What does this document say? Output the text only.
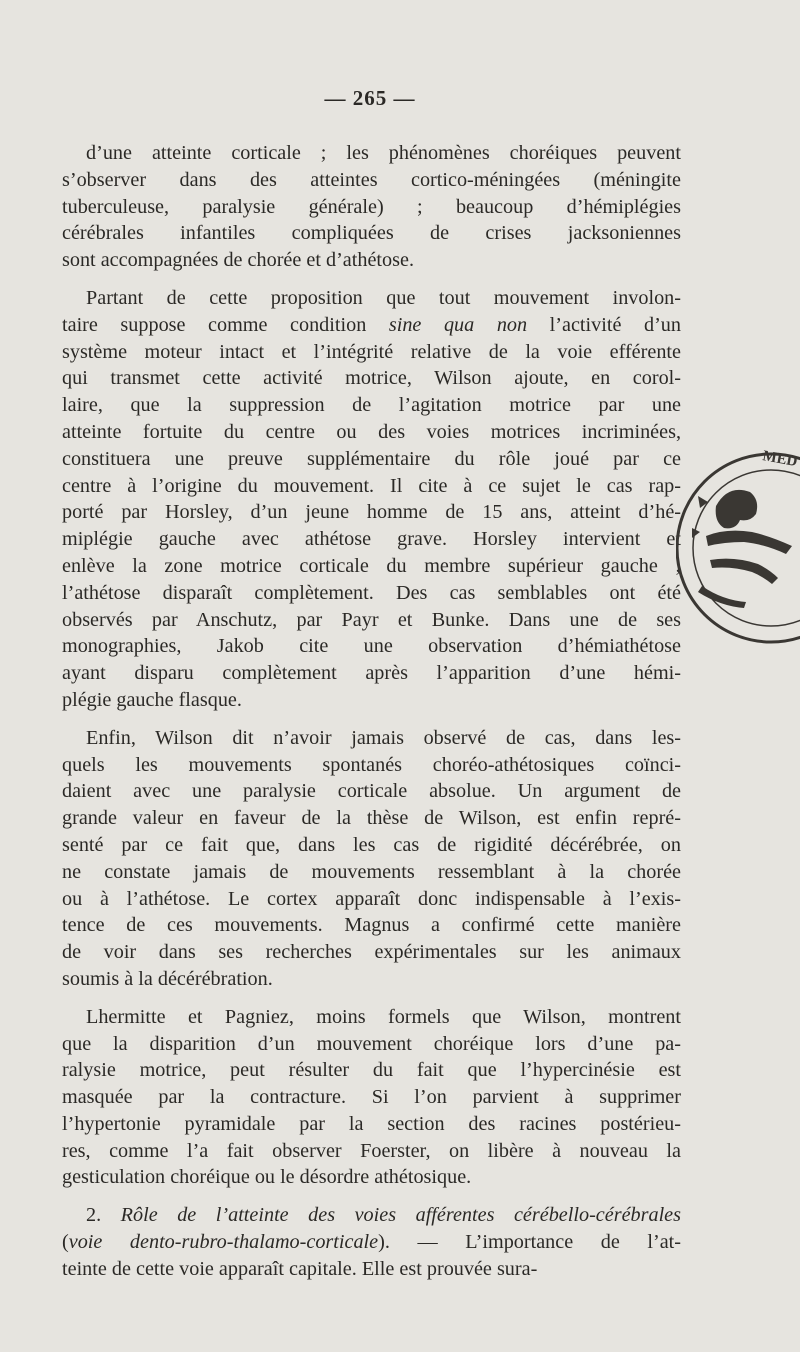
— 265 —
d’une atteinte corticale ; les phénomènes choréiques peuvent
s’observer dans des atteintes cortico-méningées (méningite
tuberculeuse, paralysie générale) ; beaucoup d’hémiplégies
cérébrales infantiles compliquées de crises jacksoniennes
sont accompagnées de chorée et d’athétose.
Partant de cette proposition que tout mouvement involon-
taire suppose comme condition sine qua non l’activité d’un
système moteur intact et l’intégrité relative de la voie efférente
qui transmet cette activité motrice, Wilson ajoute, en corol-
laire, que la suppression de l’agitation motrice par une
atteinte fortuite du centre ou des voies motrices incriminées,
constituera une preuve supplémentaire du rôle joué par ce
centre à l’origine du mouvement. Il cite à ce sujet le cas rap-
porté par Horsley, d’un jeune homme de 15 ans, atteint d’hé-
miplégie gauche avec athétose grave. Horsley intervient et
enlève la zone motrice corticale du membre supérieur gauche ;
l’athétose disparaît complètement. Des cas semblables ont été
observés par Anschutz, par Payr et Bunke. Dans une de ses
monographies, Jakob cite une observation d’hémiathétose
ayant disparu complètement après l’apparition d’une hémi-
plégie gauche flasque.
Enfin, Wilson dit n’avoir jamais observé de cas, dans les-
quels les mouvements spontanés choréo-athétosiques coïnci-
daient avec une paralysie corticale absolue. Un argument de
grande valeur en faveur de la thèse de Wilson, est enfin repré-
senté par ce fait que, dans les cas de rigidité décérébrée, on
ne constate jamais de mouvements ressemblant à la chorée
ou à l’athétose. Le cortex apparaît donc indispensable à l’exis-
tence de ces mouvements. Magnus a confirmé cette manière
de voir dans ses recherches expérimentales sur les animaux
soumis à la décérébration.
Lhermitte et Pagniez, moins formels que Wilson, montrent
que la disparition d’un mouvement choréique lors d’une pa-
ralysie motrice, peut résulter du fait que l’hypercinésie est
masquée par la contracture. Si l’on parvient à supprimer
l’hypertonie pyramidale par la section des racines postérieu-
res, comme l’a fait observer Foerster, on libère à nouveau la
gesticulation choréique ou le désordre athétosique.
2. Rôle de l’atteinte des voies afférentes cérébello-cérébrales
(voie dento-rubro-thalamo-corticale). — L’importance de l’at-
teinte de cette voie apparaît capitale. Elle est prouvée sura-
MED
